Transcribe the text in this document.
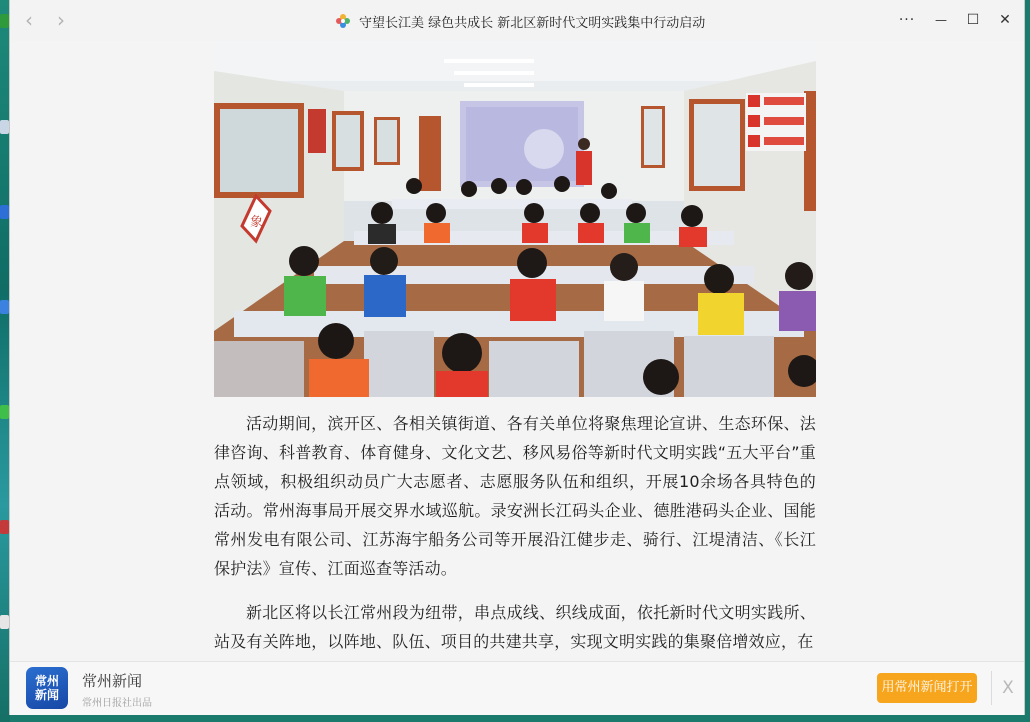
‹	›	守望长江美 绿色共成长 新北区新时代文明实践集中行动启动	···	—	☐	✕
象

活动期间，滨开区、各相关镇街道、各有关单位将聚焦理论宣讲、生态环保、法律咨询、科普教育、体育健身、文化文艺、移风易俗等新时代文明实践“五大平台”重点领域，积极组织动员广大志愿者、志愿服务队伍和组织，开展10余场各具特色的活动。常州海事局开展交界水域巡航。录安洲长江码头企业、德胜港码头企业、国能常州发电有限公司、江苏海宇船务公司等开展沿江健步走、骑行、江堤清洁、《长江保护法》宣传、江面巡查等活动。

新北区将以长江常州段为纽带，串点成线、织线成面，依托新时代文明实践所、站及有关阵地，以阵地、队伍、项目的共建共享，实现文明实践的集聚倍增效应，在

常州新闻
常州新闻
常州日报社出品
用常州新闻打开 X
